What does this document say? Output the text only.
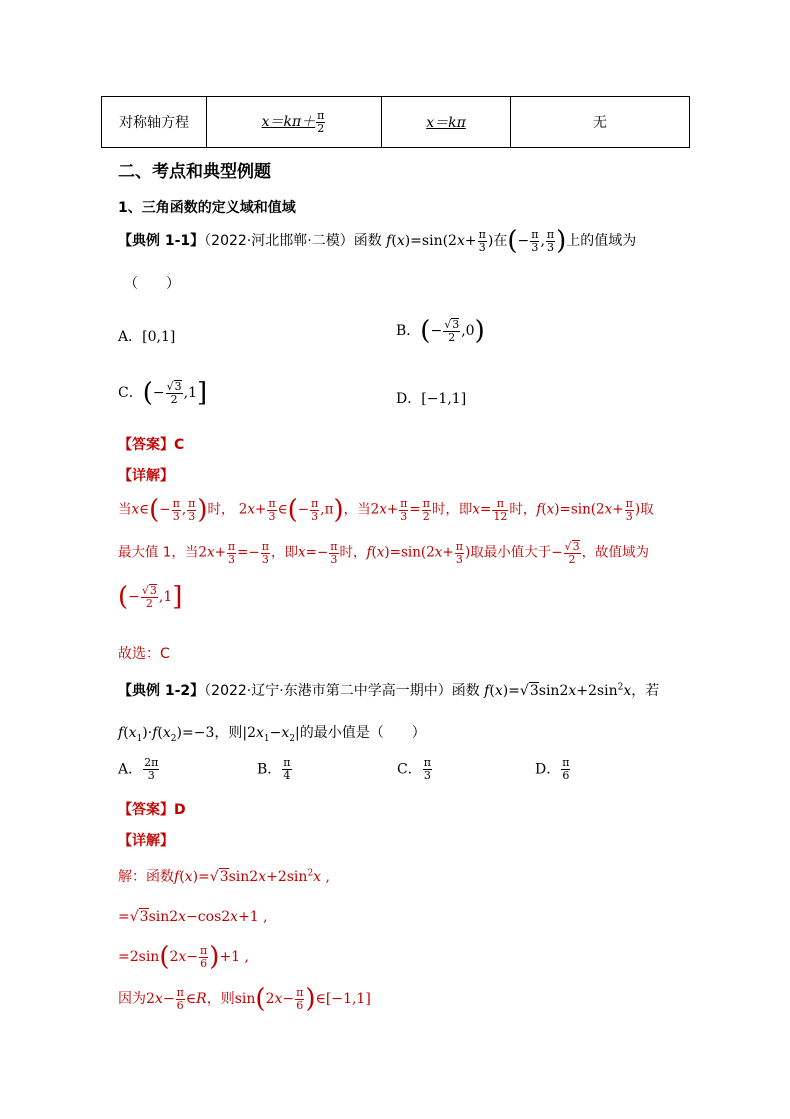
对称轴方程	$x=k\pi+ \frac{\pi}{2}$	x＝kπ	无
二、考点和典型例题
1、三角函数的定义域和值域
【典例 1-1】（2022·河北邯郸·二模）函数 $f(x)=\sin(2x+ \frac{\pi}{3}$ )在(− $\frac{\pi}{3}$ , $\frac{\pi}{3}$ )上的值域为
（　　）
A．[0,1]	B．(− $\frac{√3}{2} ,0$)
C．(− $\frac{√3}{2} ,1$]	D．[−1,1]
【答案】C
【详解】
当x∈(− $\frac{\pi}{3}$ , $\frac{\pi}{3}$ )时， $2x+ \frac{\pi}{3}$ ∈(− $\frac{\pi}{3} ,\pi$)，当$2x+ \frac{\pi}{3} = \frac{\pi}{2}$ 时，即$x= \frac{\pi}{12}$ 时，$f(x)=\sin(2x+ \frac{\pi}{3}$ )取
最大值 1，当$2x+ \frac{\pi}{3} =- \frac{\pi}{3}$ ，即$x=- \frac{\pi}{3}$ 时，$f(x)=\sin(2x+ \frac{\pi}{3}$ )取最小值大于− $\frac{√3}{2}$ ，故值域为
(− $\frac{√3}{2} ,1$]
故选：C
【典例 1-2】（2022·辽宁·东港市第二中学高一期中）函数 $f(x)=√3\sin 2x+2\sin^2x$，若
$f(x_1)\cdot f(x_2)=-3$，则$|2x_1-x_2|$的最小值是（　　）
A． $\frac{2\pi}{3}$	B． $\frac{\pi}{4}$	C． $\frac{\pi}{3}$	D． $\frac{\pi}{6}$
【答案】D
【详解】
解：函数$f(x)=√3\sin 2x+2\sin^2x$ ,
=√3sin2x−cos2x+1 ,
$=2\sin(2x- \frac{\pi}{6} )+1$ ,
因为$2x- \frac{\pi}{6}$ ∈R，则$\sin(2x- \frac{\pi}{6}$ )∈[−1,1]
